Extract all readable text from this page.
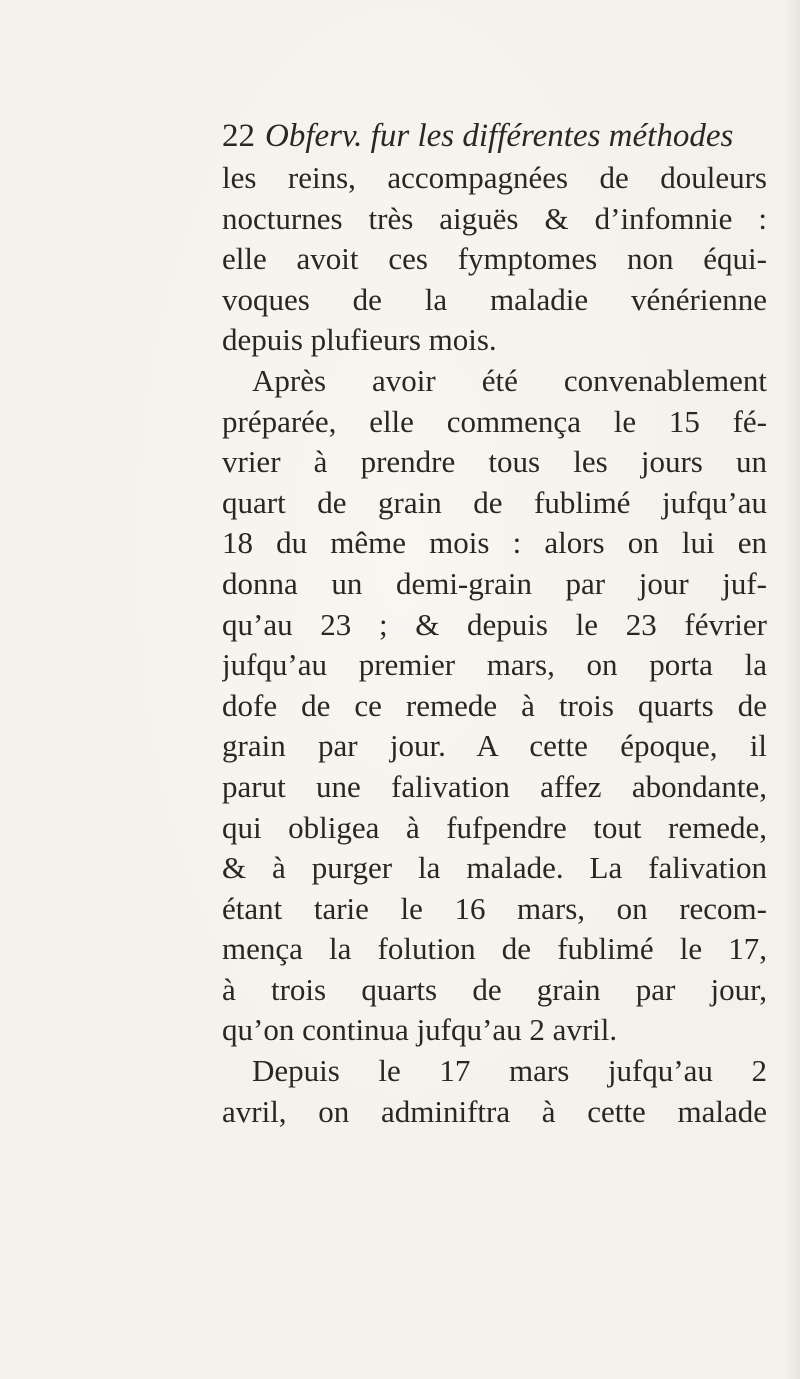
22 Obferv. fur les différentes méthodes
les reins, accompagnées de douleurs
nocturnes très aiguës & d’infomnie :
elle avoit ces fymptomes non équi-
voques de la maladie vénérienne
depuis plufieurs mois.
Après avoir été convenablement
préparée, elle commença le 15 fé-
vrier à prendre tous les jours un
quart de grain de fublimé jufqu’au
18 du même mois : alors on lui en
donna un demi-grain par jour juf-
qu’au 23 ; & depuis le 23 février
jufqu’au premier mars, on porta la
dofe de ce remede à trois quarts de
grain par jour. A cette époque, il
parut une falivation affez abondante,
qui obligea à fufpendre tout remede,
& à purger la malade. La falivation
étant tarie le 16 mars, on recom-
mença la folution de fublimé le 17,
à trois quarts de grain par jour,
qu’on continua jufqu’au 2 avril.
Depuis le 17 mars jufqu’au 2
avril, on adminiftra à cette malade
